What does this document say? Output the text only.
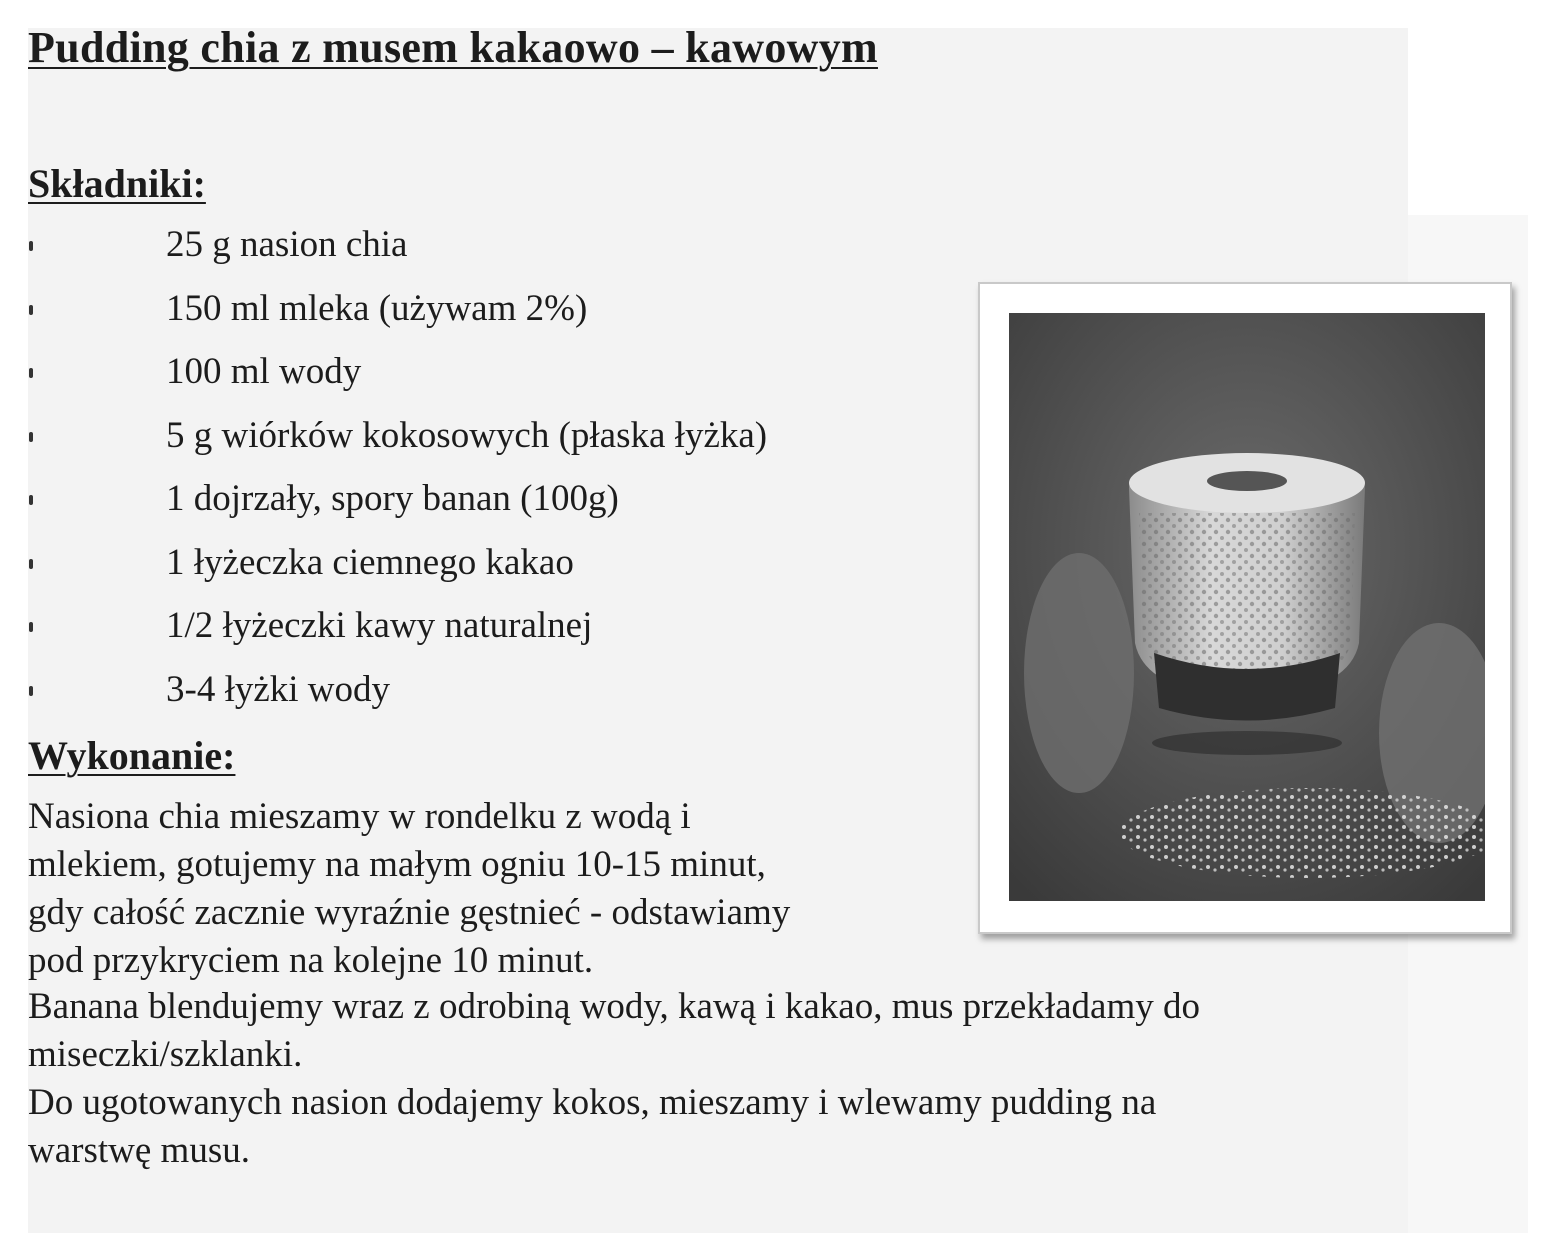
Pudding chia z musem kakaowo – kawowym
Składniki:
25 g nasion chia
150 ml mleka (używam 2%)
100 ml wody
5 g wiórków kokosowych (płaska łyżka)
1 dojrzały, spory banan (100g)
1 łyżeczka ciemnego kakao
1/2 łyżeczki kawy naturalnej
3-4 łyżki wody
Wykonanie:
Nasiona chia mieszamy w rondelku z wodą i
mlekiem, gotujemy na małym ogniu 10-15 minut,
gdy całość zacznie wyraźnie gęstnieć - odstawiamy
pod przykryciem na kolejne 10 minut.
Banana blendujemy wraz z odrobiną wody, kawą i kakao, mus przekładamy do
miseczki/szklanki.
Do ugotowanych nasion dodajemy kokos, mieszamy i wlewamy pudding na
warstwę musu.
